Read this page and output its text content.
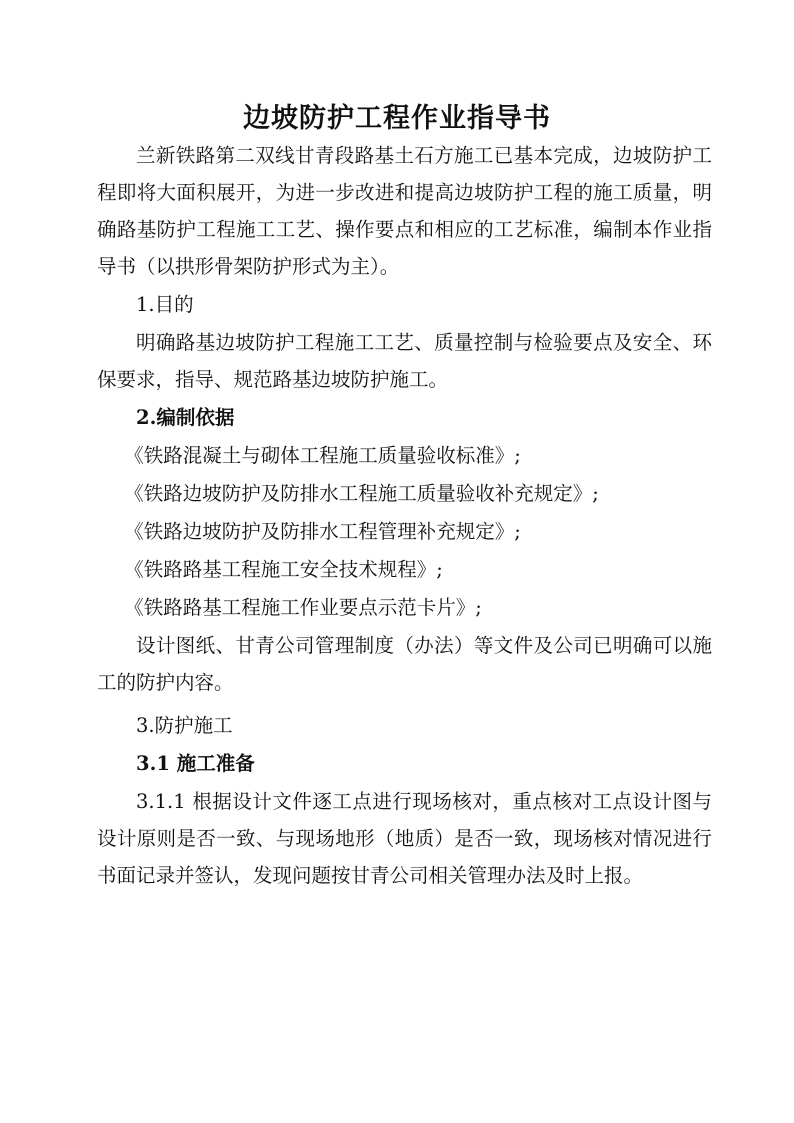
边坡防护工程作业指导书

兰新铁路第二双线甘青段路基土石方施工已基本完成，边坡防护工程即将大面积展开，为进一步改进和提高边坡防护工程的施工质量，明确路基防护工程施工工艺、操作要点和相应的工艺标准，编制本作业指导书（以拱形骨架防护形式为主）。

1.目的

明确路基边坡防护工程施工工艺、质量控制与检验要点及安全、环保要求，指导、规范路基边坡防护施工。

2.编制依据

《铁路混凝土与砌体工程施工质量验收标准》;

《铁路边坡防护及防排水工程施工质量验收补充规定》;

《铁路边坡防护及防排水工程管理补充规定》;

《铁路路基工程施工安全技术规程》;

《铁路路基工程施工作业要点示范卡片》;

设计图纸、甘青公司管理制度（办法）等文件及公司已明确可以施工的防护内容。

3.防护施工

3.1 施工准备

3.1.1 根据设计文件逐工点进行现场核对，重点核对工点设计图与设计原则是否一致、与现场地形（地质）是否一致，现场核对情况进行书面记录并签认，发现问题按甘青公司相关管理办法及时上报。
